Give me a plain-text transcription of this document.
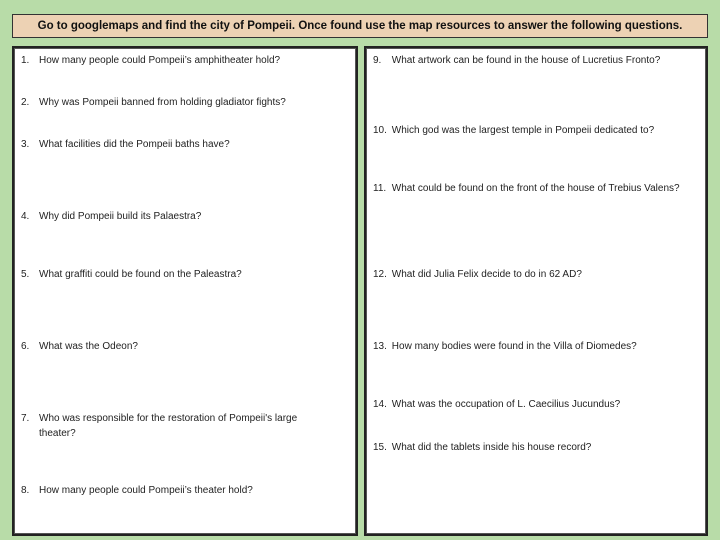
Go to googlemaps and find the city of Pompeii. Once found use the map resources to answer the following questions.
1. How many people could Pompeii’s amphitheater hold?
2. Why was Pompeii banned from holding gladiator fights?
3. What facilities did the Pompeii baths have?
4. Why did Pompeii build its Palaestra?
5. What graffiti could be found on the Paleastra?
6. What was the Odeon?
7. Who was responsible for the restoration of Pompeii's large theater?
8. How many people could Pompeii’s theater hold?
9. What artwork can be found in the house of Lucretius Fronto?
10. Which god was the largest temple in Pompeii dedicated to?
11. What could be found on the front of the house of Trebius Valens?
12. What did Julia Felix decide to do in 62 AD?
13. How many bodies were found in the Villa of Diomedes?
14. What was the occupation of L. Caecilius Jucundus?
15. What did the tablets inside his house record?
